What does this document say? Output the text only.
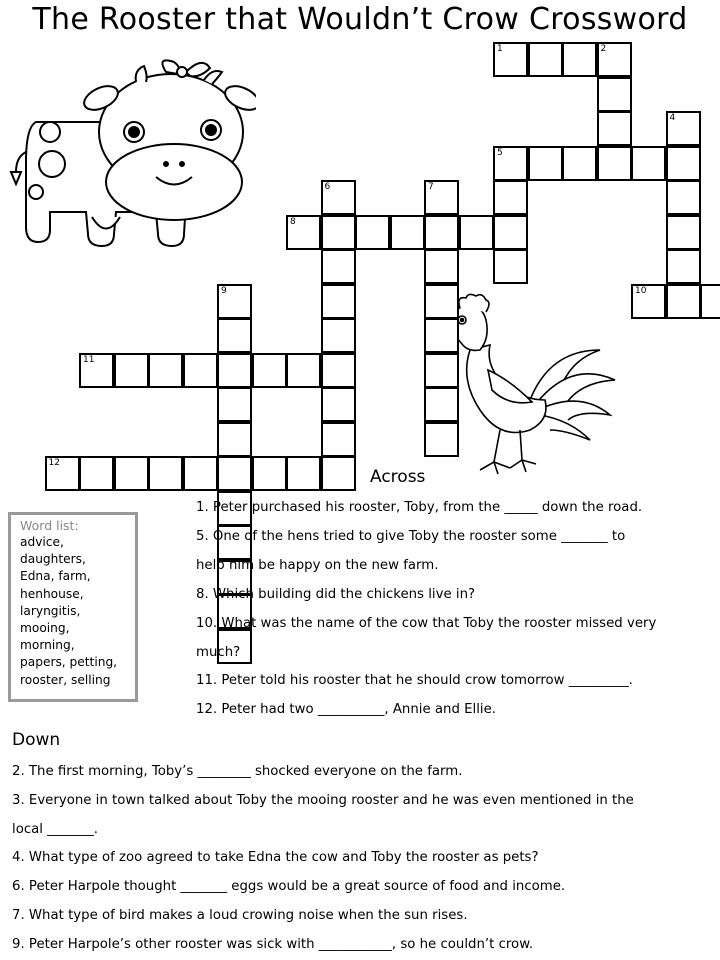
The Rooster that Wouldn’t Crow Crossword
1	2
5
4
8
6	7
10
9
11
12
Across
1. Peter purchased his rooster, Toby, from the _____ down the road.
5. One of the hens tried to give Toby the rooster some _______ to
help him be happy on the new farm.
8. Which building did the chickens live in?
10. What was the name of the cow that Toby the rooster missed very
much?
11. Peter told his rooster that he should crow tomorrow _________.
12. Peter had two __________, Annie and Ellie.
Word list:
advice,
daughters,
Edna, farm,
henhouse,
laryngitis,
mooing,
morning,
papers, petting,
rooster, selling
Down
2. The first morning, Toby’s ________ shocked everyone on the farm.
3. Everyone in town talked about Toby the mooing rooster and he was even mentioned in the
local _______.
4. What type of zoo agreed to take Edna the cow and Toby the rooster as pets?
6. Peter Harpole thought _______ eggs would be a great source of food and income.
7. What type of bird makes a loud crowing noise when the sun rises.
9. Peter Harpole’s other rooster was sick with ___________, so he couldn’t crow.
